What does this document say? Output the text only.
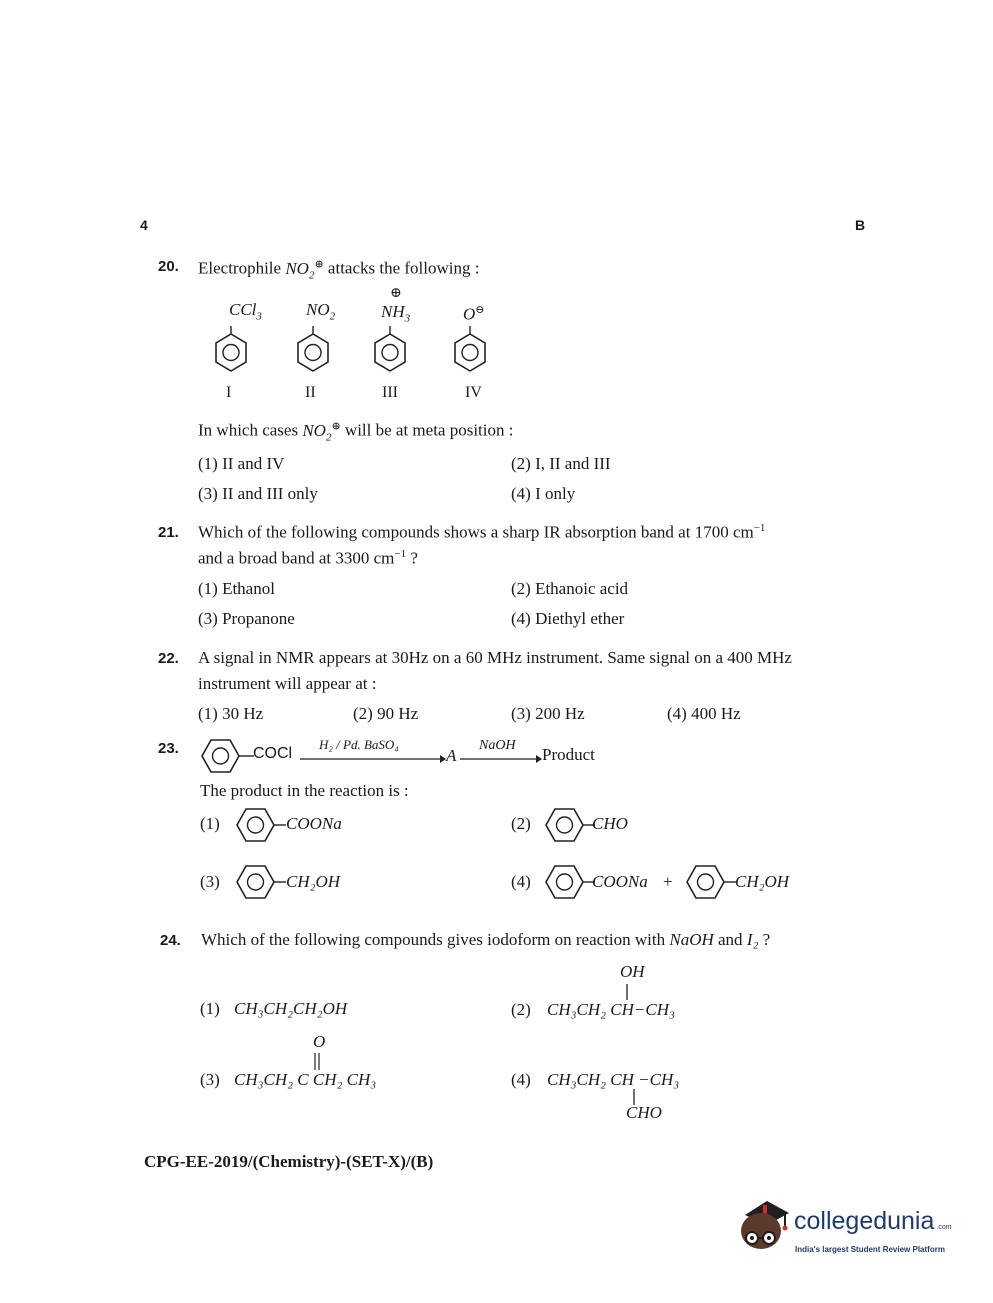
4	B
20. Electrophile $NO_2^\oplus$ attacks the following :
CCl$_3$	$NO_2$
⊕
$NH_3$	O⊖
I	II	III	IV
In which cases $NO_2^\oplus$ will be at meta position :
(1) II and IV	(2) I, II and III
(3) II and III only	(4) I only
21. Which of the following compounds shows a sharp IR absorption band at 1700 $cm^{-1}$
and a broad band at 3300 $cm^{-1}$ ?
(1) Ethanol	(2) Ethanoic acid
(3) Propanone	(4) Diethyl ether
22. A signal in NMR appears at 30Hz on a 60 MHz instrument. Same signal on a 400 MHz
instrument will appear at :
(1) 30 Hz	(2) 90 Hz	(3) 200 Hz	(4) 400 Hz
23.	COCl
H₂ / Pd. BaSO₄
A
NaOH Product
The product in the reaction is :
(1)	COONa	(2)	CHO
(3)	CH₂OH	(4)	COONa +	CH₂OH
24. Which of the following compounds gives iodoform on reaction with NaOH and I₂ ?
(1) CH₃CH₂CH₂OH
OH
(2) CH₃CH₂ CH−CH₃
O
(3) CH₃CH₂ C CH₂ CH₃	(4) CH₃CH₂ CH −CH₃
CHO
CPG-EE-2019/(Chemistry)-(SET-X)/(B)
collegedunia .com
India's largest Student Review Platform
